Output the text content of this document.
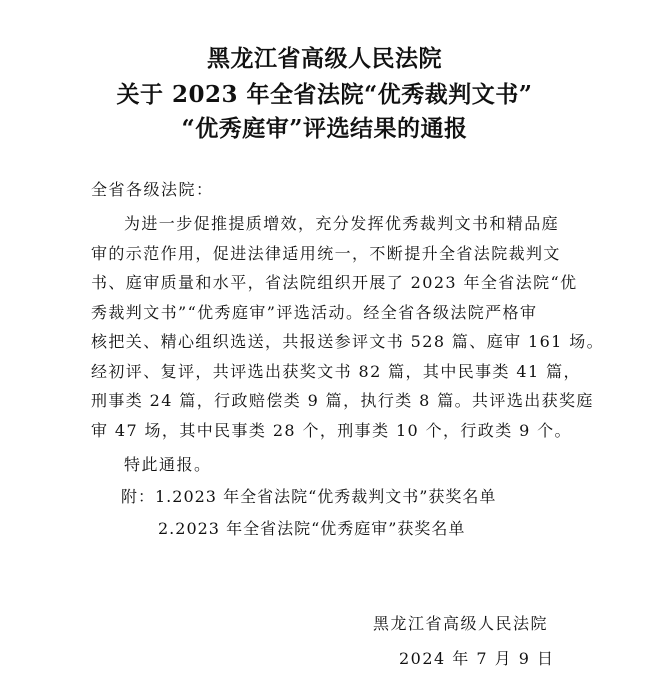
黑龙江省高级人民法院
关于 2023 年全省法院“优秀裁判文书”
“优秀庭审”评选结果的通报
全省各级法院：
为进一步促推提质增效，充分发挥优秀裁判文书和精品庭
审的示范作用，促进法律适用统一，不断提升全省法院裁判文
书、庭审质量和水平，省法院组织开展了 2023 年全省法院“优
秀裁判文书”“优秀庭审”评选活动。经全省各级法院严格审
核把关、精心组织选送，共报送参评文书 528 篇、庭审 161 场。
经初评、复评，共评选出获奖文书 82 篇，其中民事类 41 篇，
刑事类 24 篇，行政赔偿类 9 篇，执行类 8 篇。共评选出获奖庭
审 47 场，其中民事类 28 个，刑事类 10 个，行政类 9 个。
特此通报。
附：1.2023 年全省法院“优秀裁判文书”获奖名单
2.2023 年全省法院“优秀庭审”获奖名单
黑龙江省高级人民法院
2024 年 7 月 9 日
